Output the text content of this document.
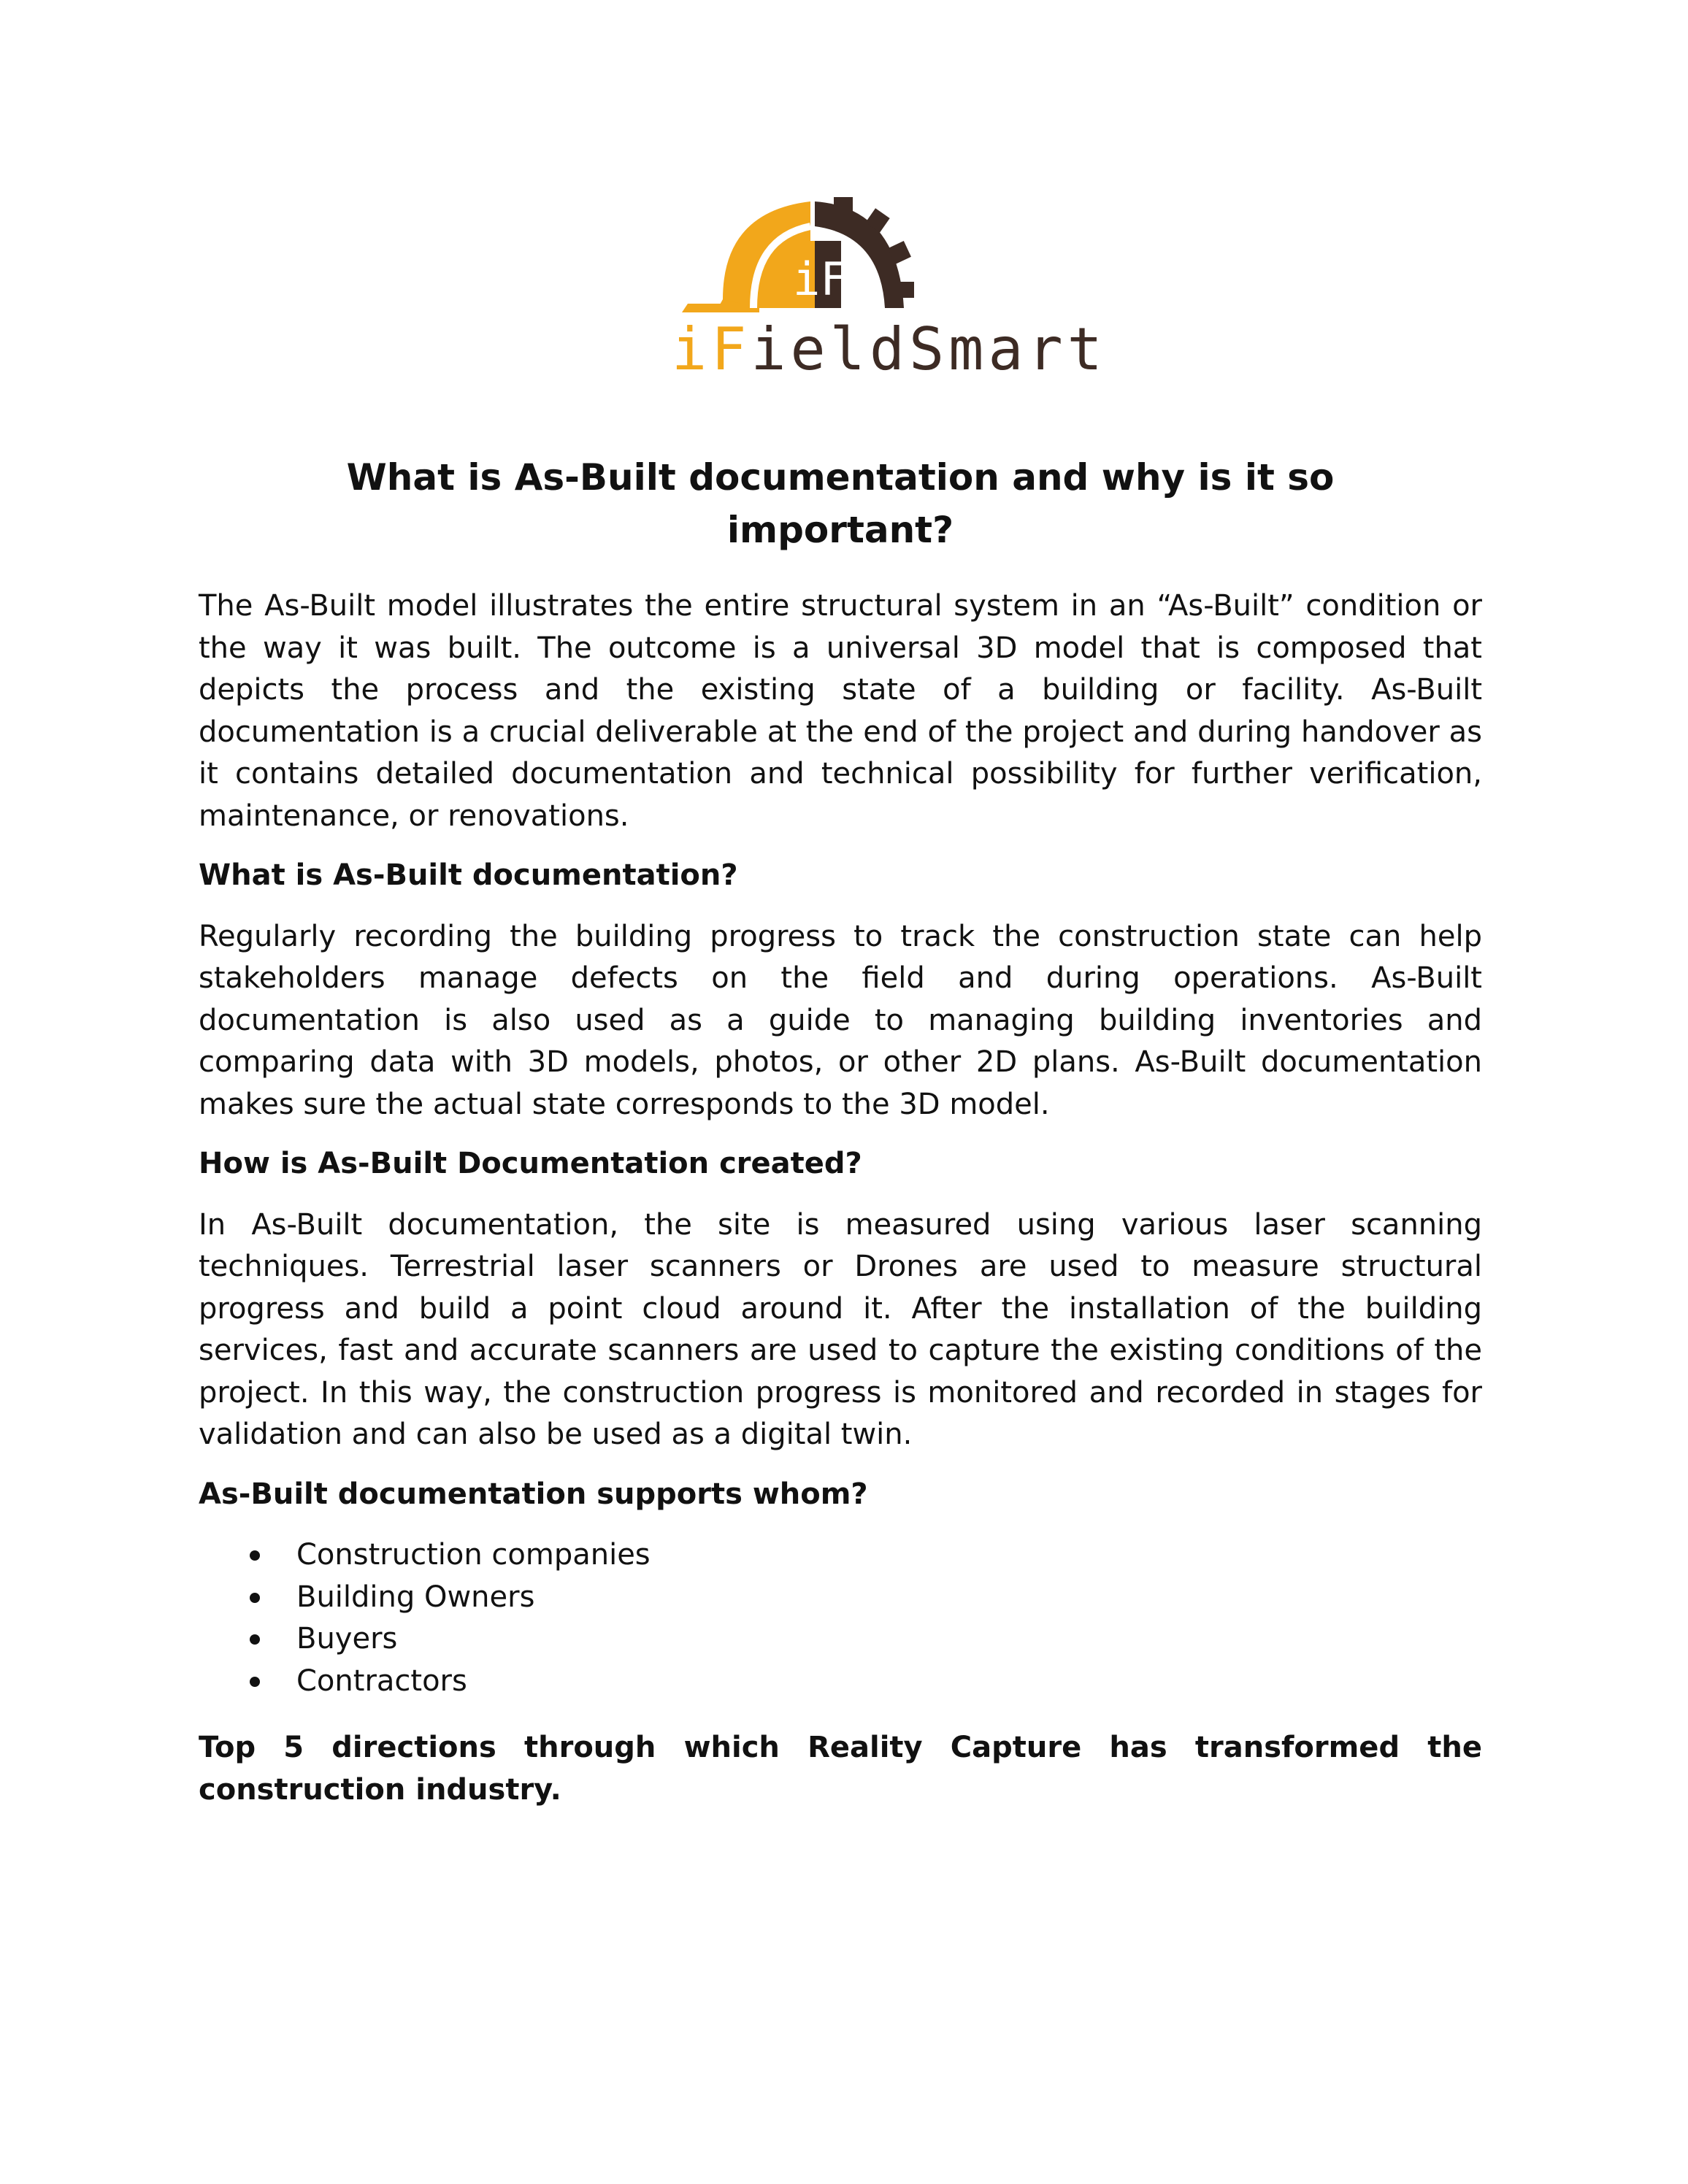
iF
iFieldSmart
What is As-Built documentation and why is it so important?

The As-Built model illustrates the entire structural system in an “As-Built” condition or the way it was built. The outcome is a universal 3D model that is composed that depicts the process and the existing state of a building or facility. As-Built documentation is a crucial deliverable at the end of the project and during handover as it contains detailed documentation and technical possibility for further verification, maintenance, or renovations.

What is As-Built documentation?

Regularly recording the building progress to track the construction state can help stakeholders manage defects on the field and during operations. As-Built documentation is also used as a guide to managing building inventories and comparing data with 3D models, photos, or other 2D plans. As-Built documentation makes sure the actual state corresponds to the 3D model.

How is As-Built Documentation created?

In As-Built documentation, the site is measured using various laser scanning techniques. Terrestrial laser scanners or Drones are used to measure structural progress and build a point cloud around it. After the installation of the building services, fast and accurate scanners are used to capture the existing conditions of the project. In this way, the construction progress is monitored and recorded in stages for validation and can also be used as a digital twin.

As-Built documentation supports whom?
Construction companies
Building Owners
Buyers
Contractors
Top 5 directions through which Reality Capture has transformed the construction industry.
